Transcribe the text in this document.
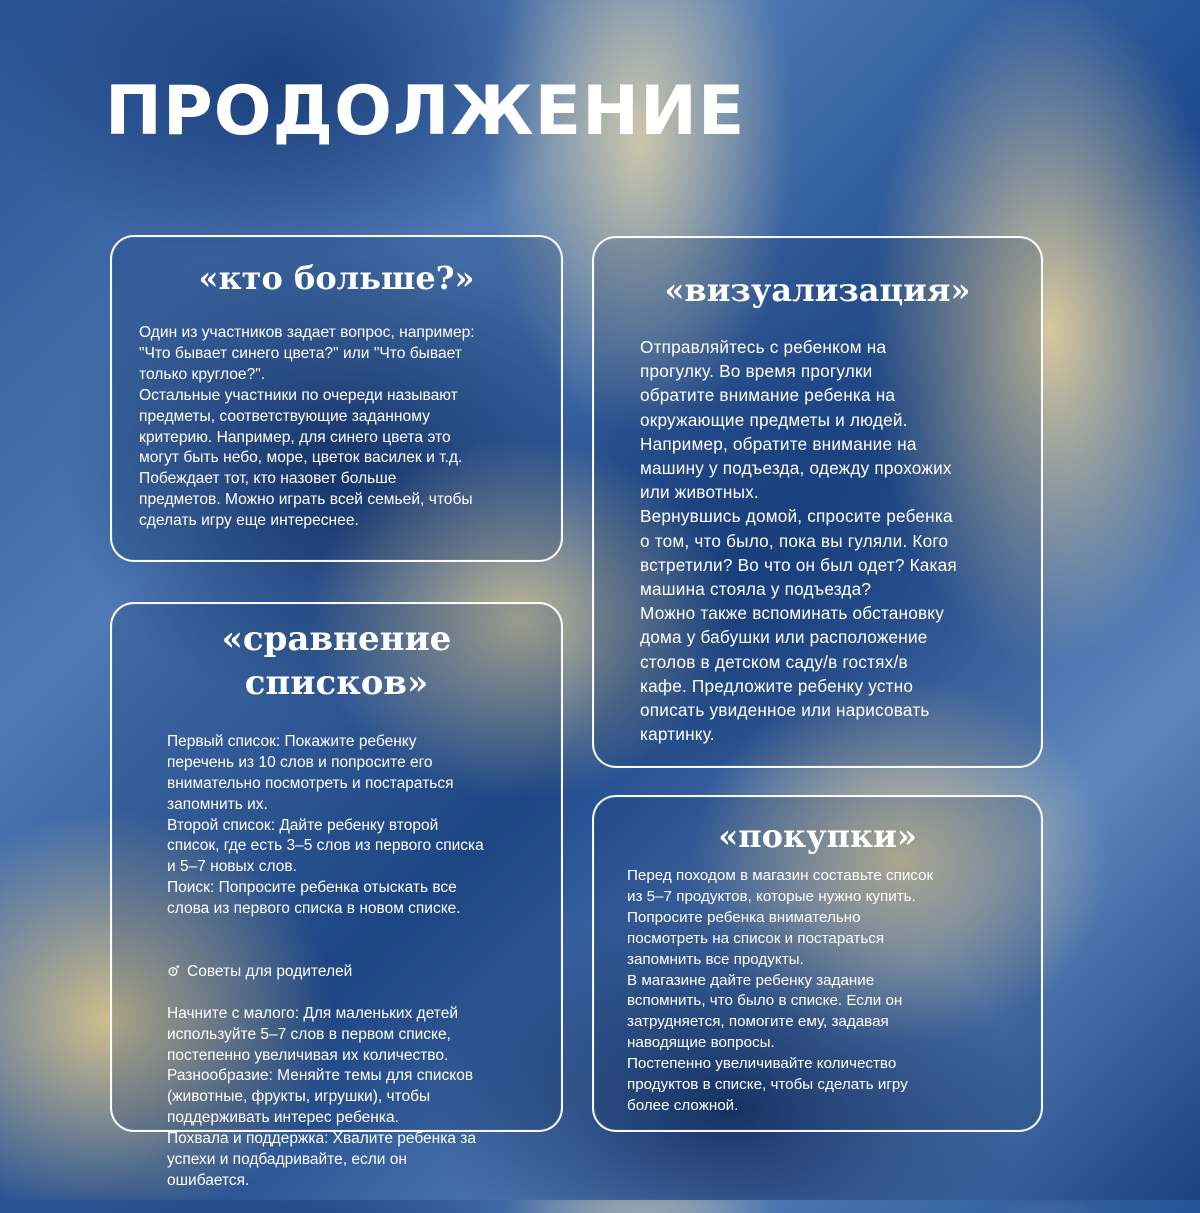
ПРОДОЛЖЕНИЕ
«кто больше?»
Один из участников задает вопрос, например:
"Что бывает синего цвета?" или "Что бывает
только круглое?".
Остальные участники по очереди называют
предметы, соответствующие заданному
критерию. Например, для синего цвета это
могут быть небо, море, цветок василек и т.д.
Побеждает тот, кто назовет больше
предметов. Можно играть всей семьей, чтобы
сделать игру еще интереснее.
«визуализация»
Отправляйтесь с ребенком на
прогулку. Во время прогулки
обратите внимание ребенка на
окружающие предметы и людей.
Например, обратите внимание на
машину у подъезда, одежду прохожих
или животных.
Вернувшись домой, спросите ребенка
о том, что было, пока вы гуляли. Кого
встретили? Во что он был одет? Какая
машина стояла у подъезда?
Можно также вспоминать обстановку
дома у бабушки или расположение
столов в детском саду/в гостях/в
кафе. Предложите ребенку устно
описать увиденное или нарисовать
картинку.
«сравнение
списков»

Первый список: Покажите ребенку
перечень из 10 слов и попросите его
внимательно посмотреть и постараться
запомнить их.
Второй список: Дайте ребенку второй
список, где есть 3–5 слов из первого списка
и 5–7 новых слов.
Поиск: Попросите ребенка отыскать все
слова из первого списка в новом списке.

Советы для родителей

Начните с малого: Для маленьких детей
используйте 5–7 слов в первом списке,
постепенно увеличивая их количество.
Разнообразие: Меняйте темы для списков
(животные, фрукты, игрушки), чтобы
поддерживать интерес ребенка.
Похвала и поддержка: Хвалите ребенка за
успехи и подбадривайте, если он
ошибается.

«покупки»
Перед походом в магазин составьте список
из 5–7 продуктов, которые нужно купить.
Попросите ребенка внимательно
посмотреть на список и постараться
запомнить все продукты.
В магазине дайте ребенку задание
вспомнить, что было в списке. Если он
затрудняется, помогите ему, задавая
наводящие вопросы.
Постепенно увеличивайте количество
продуктов в списке, чтобы сделать игру
более сложной.
